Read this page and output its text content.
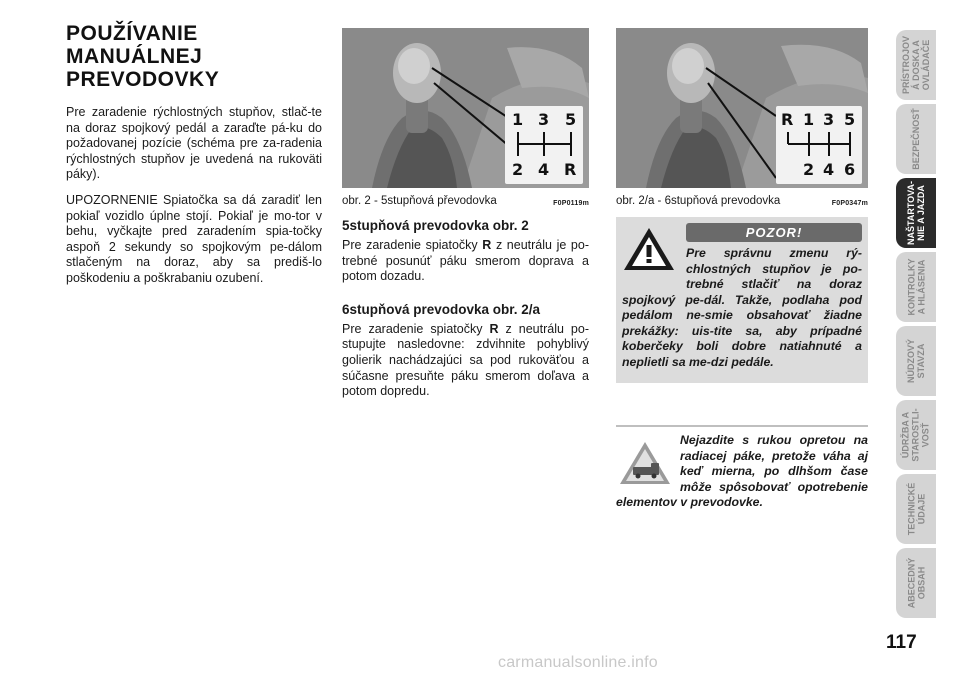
POUŽÍVANIE
MANUÁLNEJ
PREVODOVKY

Pre zaradenie rýchlostných stupňov, stlač-te na doraz spojkový pedál a zaraďte pá-ku do požadovanej pozície (schéma pre za-radenia rýchlostných stupňov je uvedená na rukoväti páky).

UPOZORNENIE Spiatočka sa dá zaradiť len pokiaľ vozidlo úplne stojí. Pokiaľ je mo-tor v behu, vyčkajte pred zaradením spia-točky aspoň 2 sekundy so spojkovým pe-dálom stlačeným na doraz, aby sa prediš-lo poškodeniu a poškrabaniu ozubení.

1 3 5
2 4 R
obr. 2 - 5stupňová převodovka	F0P0119m
5stupňová prevodovka obr. 2

Pre zaradenie spiatočky R z neutrálu je po-trebné posunúť páku smerom doprava a potom dozadu.

6stupňová prevodovka obr. 2/a

Pre zaradenie spiatočky R z neutrálu po-stupujte nasledovne: zdvihnite pohyblivý golierik nachádzajúci sa pod rukoväťou a súčasne presuňte páku smerom doľava a potom dopredu.

R 1 3 5
2 4 6
obr. 2/a - 6stupňová prevodovka	F0P0347m
POZOR!

Pre správnu zmenu rý-chlostných stupňov je po-trebné stlačiť na doraz spojkový pe-dál. Takže, podlaha pod pedálom ne-smie obsahovať žiadne prekážky: uis-tite sa, aby prípadné koberčeky boli dobre natiahnuté a neplietli sa me-dzi pedále.

Nejazdite s rukou opretou na radiacej páke, pretože váha aj keď mierna, po dlhšom čase môže spôsobovať opotrebenie elementov v prevodovke.

PRÍSTROJOV
Á DOSKA A
OVLÁDAČE
BEZPEČNOSŤ
NAŠTARTOVA-
NIE A JAZDA
KONTROLKY
A HLÁSENIA
NÚDZOVÝ
STAVZA
ÚDRŽBA A
STAROSTLI-
VOSŤ
TECHNICKÉ
ÚDAJE
ABECEDNÝ
OBSAH
117
carmanualsonline.info
